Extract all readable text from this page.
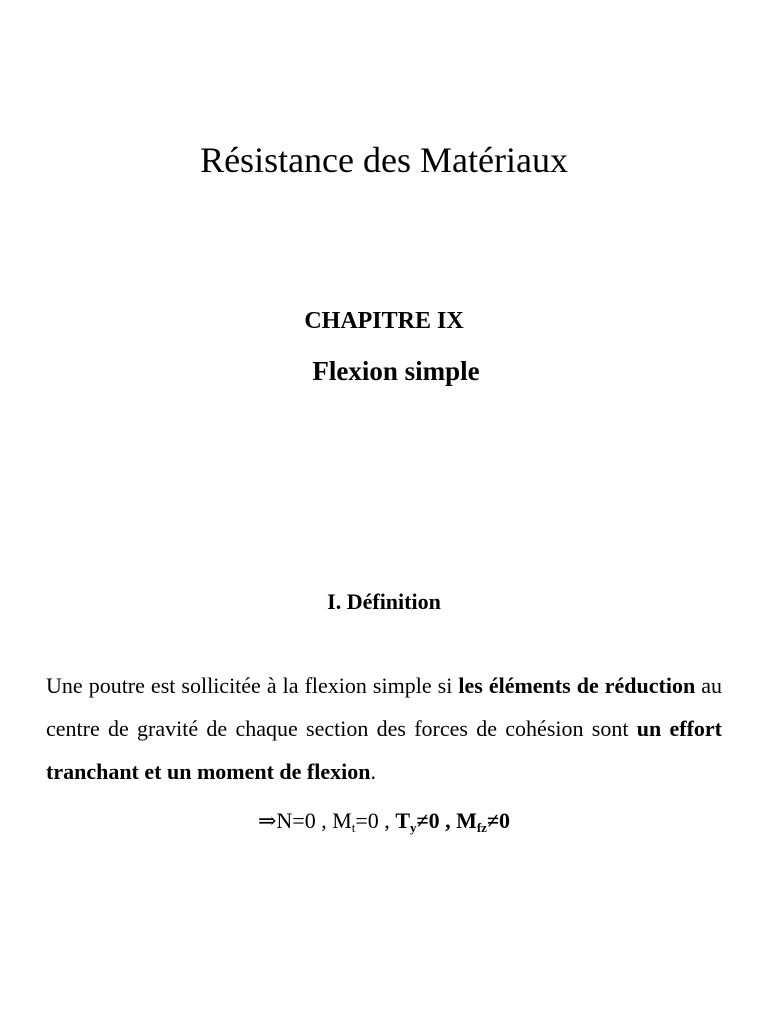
Résistance des Matériaux
CHAPITRE IX
Flexion simple
I. Définition

Une poutre est sollicitée à la flexion simple si les éléments de réduction au centre de gravité de chaque section des forces de cohésion sont un effort tranchant et un moment de flexion.

⇒N=0 , $M_t=0$ , $T_y\ne 0$ , $M_{fz}\ne 0$
